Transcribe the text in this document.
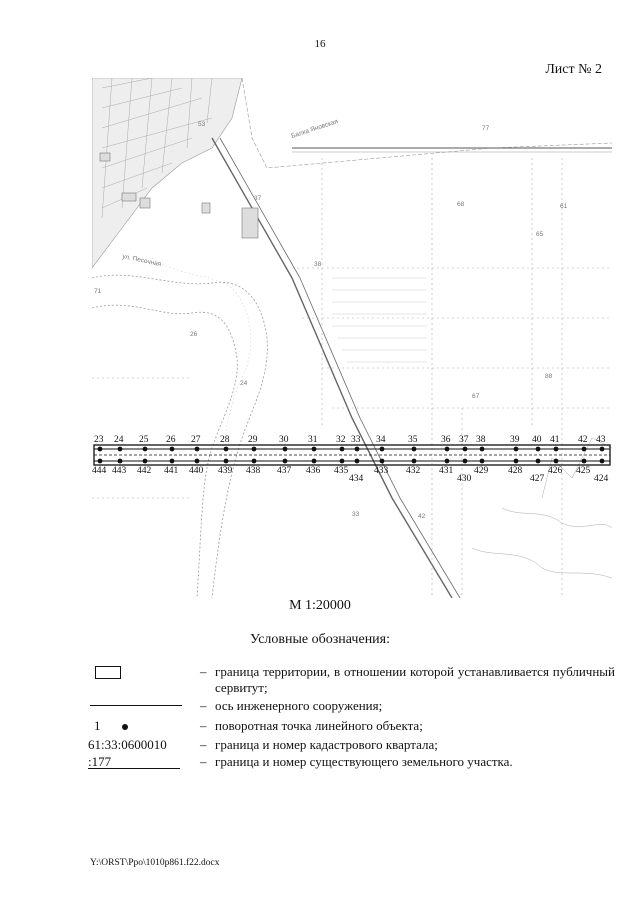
16
Лист № 2
77
37
38
26
24
68
65
61
88
67
33	42
71
53	Балка Яновская
ул. Песочная
23
444
24
443
25
442
26
441
27
440
28
439
29
438
30
437
31
436
32
435
33
434
34
433
35
432
36
431
37
430
38
429
39
428
40
427
41
426
42
425
43
424
М 1:20000
Условные обозначения:
– граница территории, в отношении которой устанавливается публичный сервитут;
– ось инженерного сооружения;
1	– поворотная точка линейного объекта;
61:33:0600010	– граница и номер кадастрового квартала;
:177	– граница и номер существующего земельного участка.
Y:\ORST\Ppo\1010p861.f22.docx
